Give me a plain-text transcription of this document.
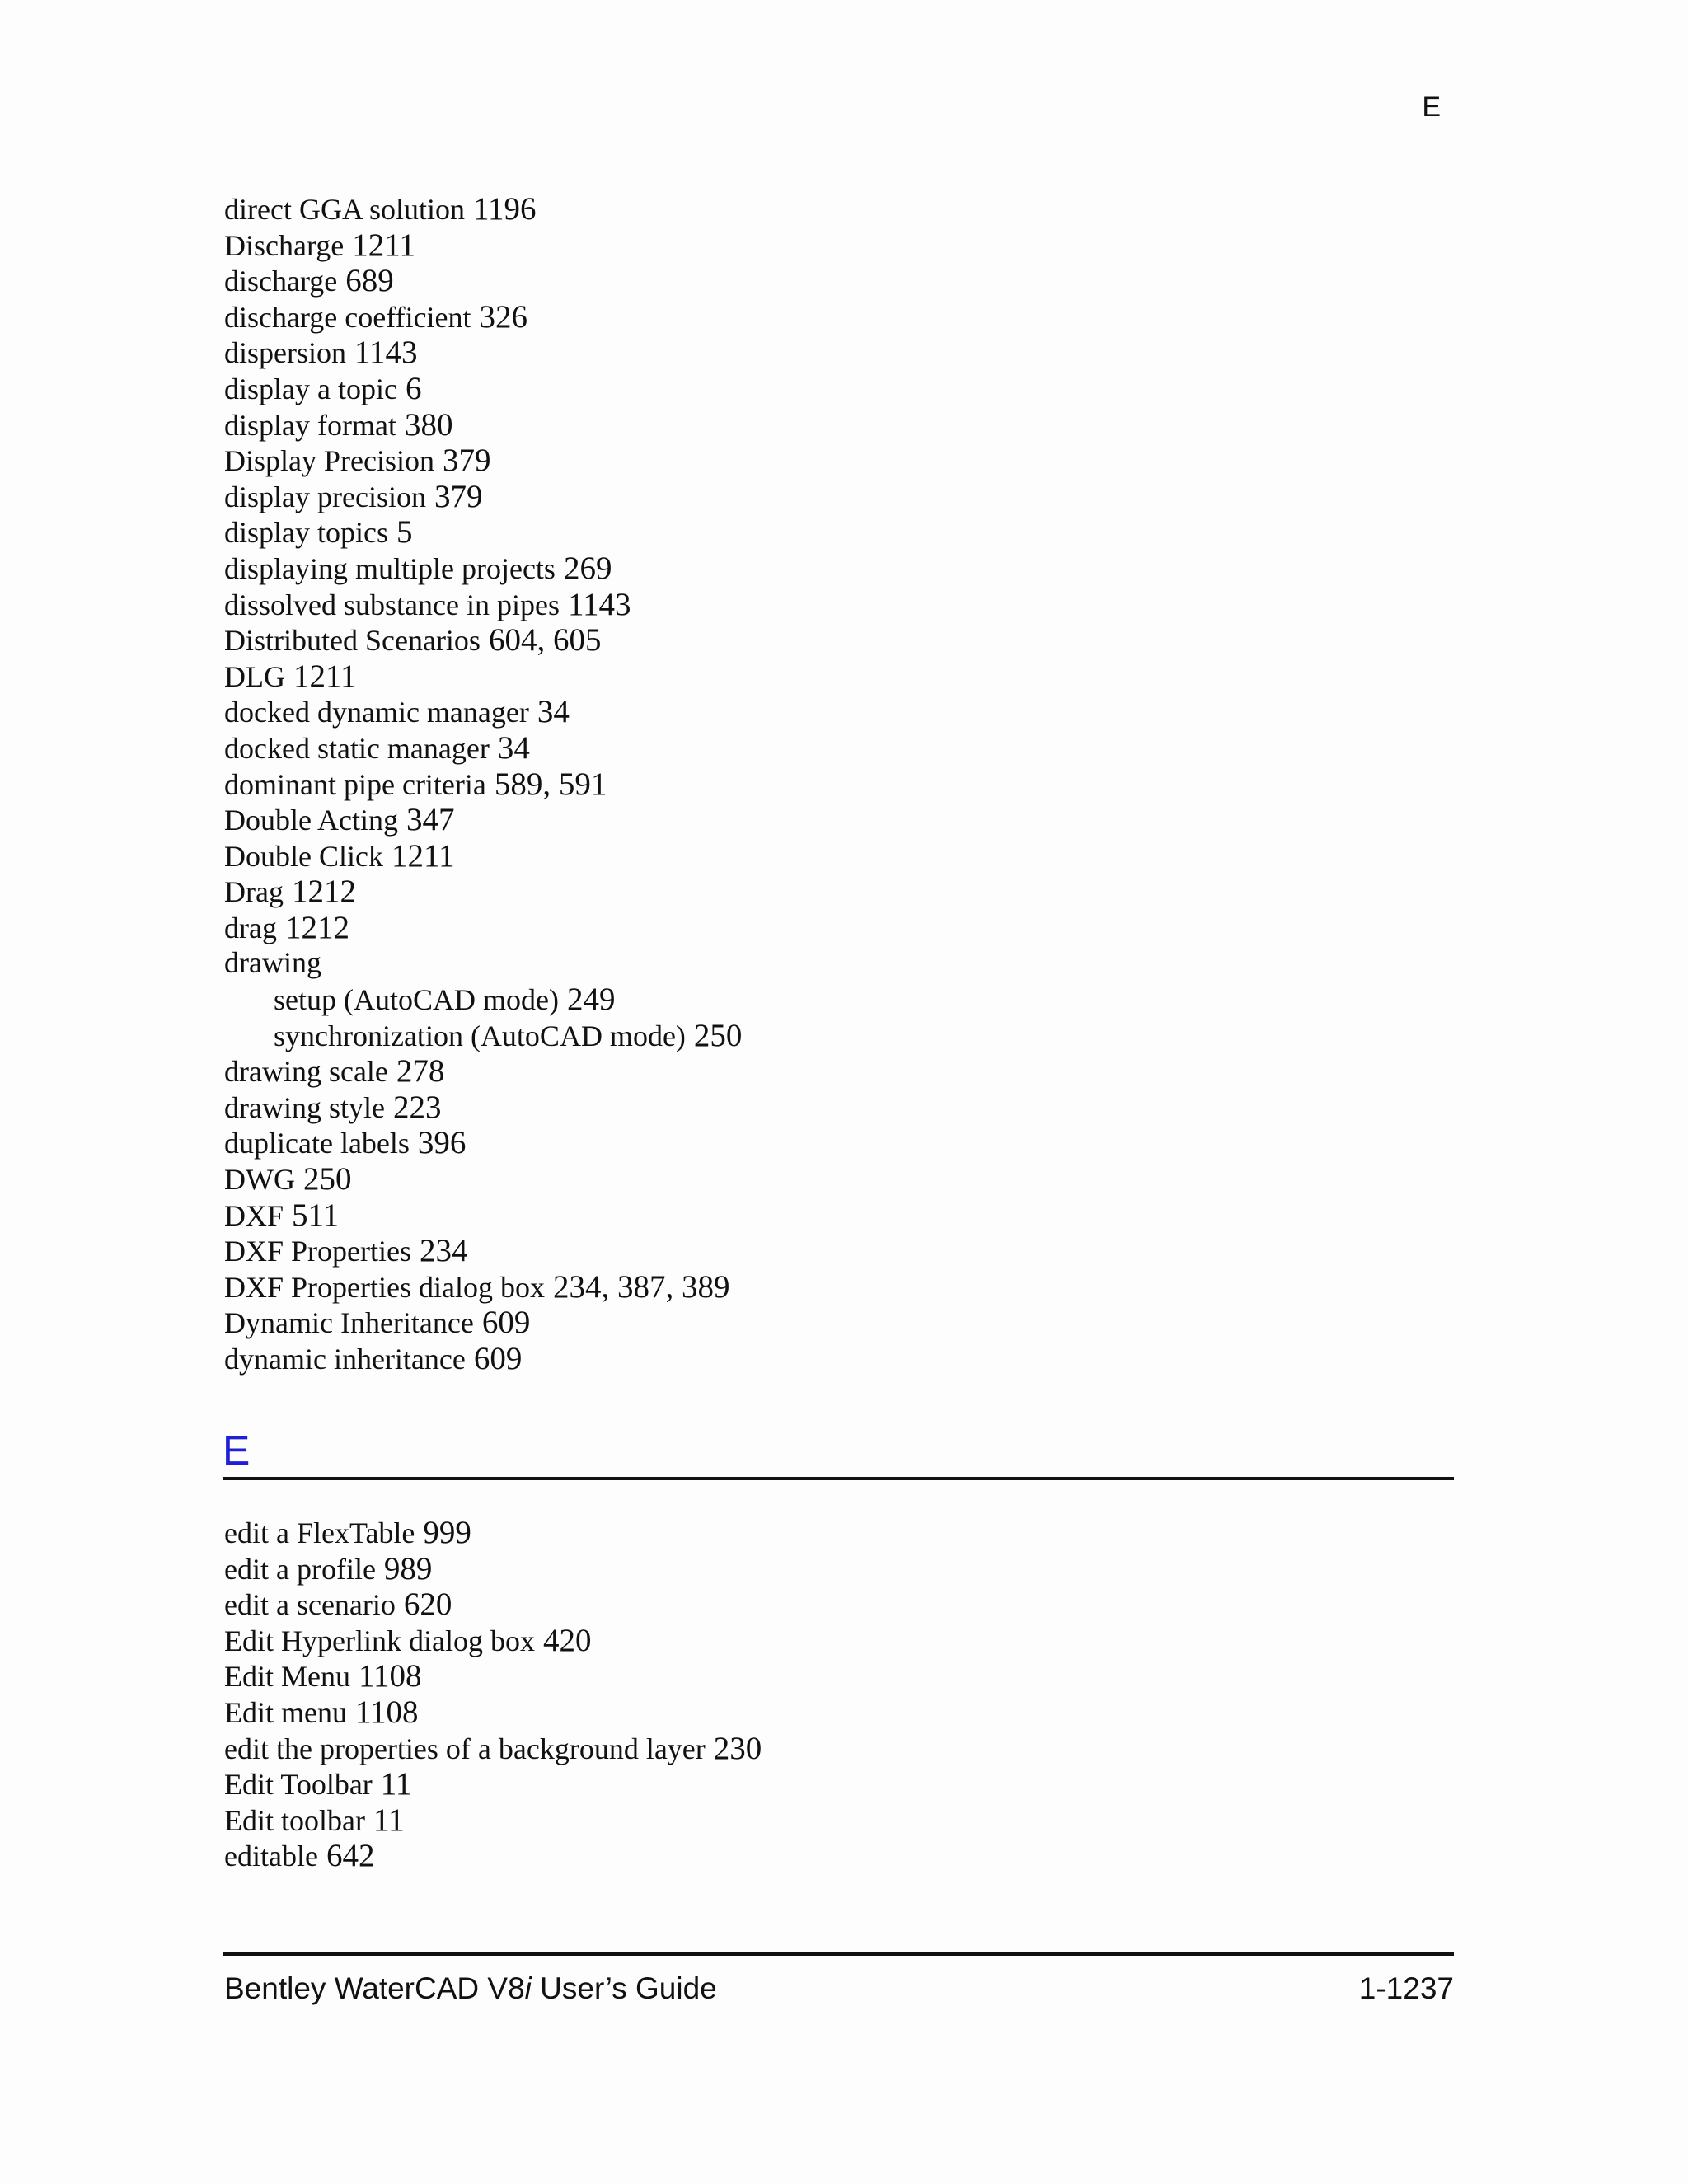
E
direct GGA solution 1196
Discharge 1211
discharge 689
discharge coefficient 326
dispersion 1143
display a topic 6
display format 380
Display Precision 379
display precision 379
display topics 5
displaying multiple projects 269
dissolved substance in pipes 1143
Distributed Scenarios 604, 605
DLG 1211
docked dynamic manager 34
docked static manager 34
dominant pipe criteria 589, 591
Double Acting 347
Double Click 1211
Drag 1212
drag 1212
drawing
setup (AutoCAD mode) 249
synchronization (AutoCAD mode) 250
drawing scale 278
drawing style 223
duplicate labels 396
DWG 250
DXF 511
DXF Properties 234
DXF Properties dialog box 234, 387, 389
Dynamic Inheritance 609
dynamic inheritance 609
E
edit a FlexTable 999
edit a profile 989
edit a scenario 620
Edit Hyperlink dialog box 420
Edit Menu 1108
Edit menu 1108
edit the properties of a background layer 230
Edit Toolbar 11
Edit toolbar 11
editable 642
Bentley WaterCAD V8i User’s Guide	1-1237
